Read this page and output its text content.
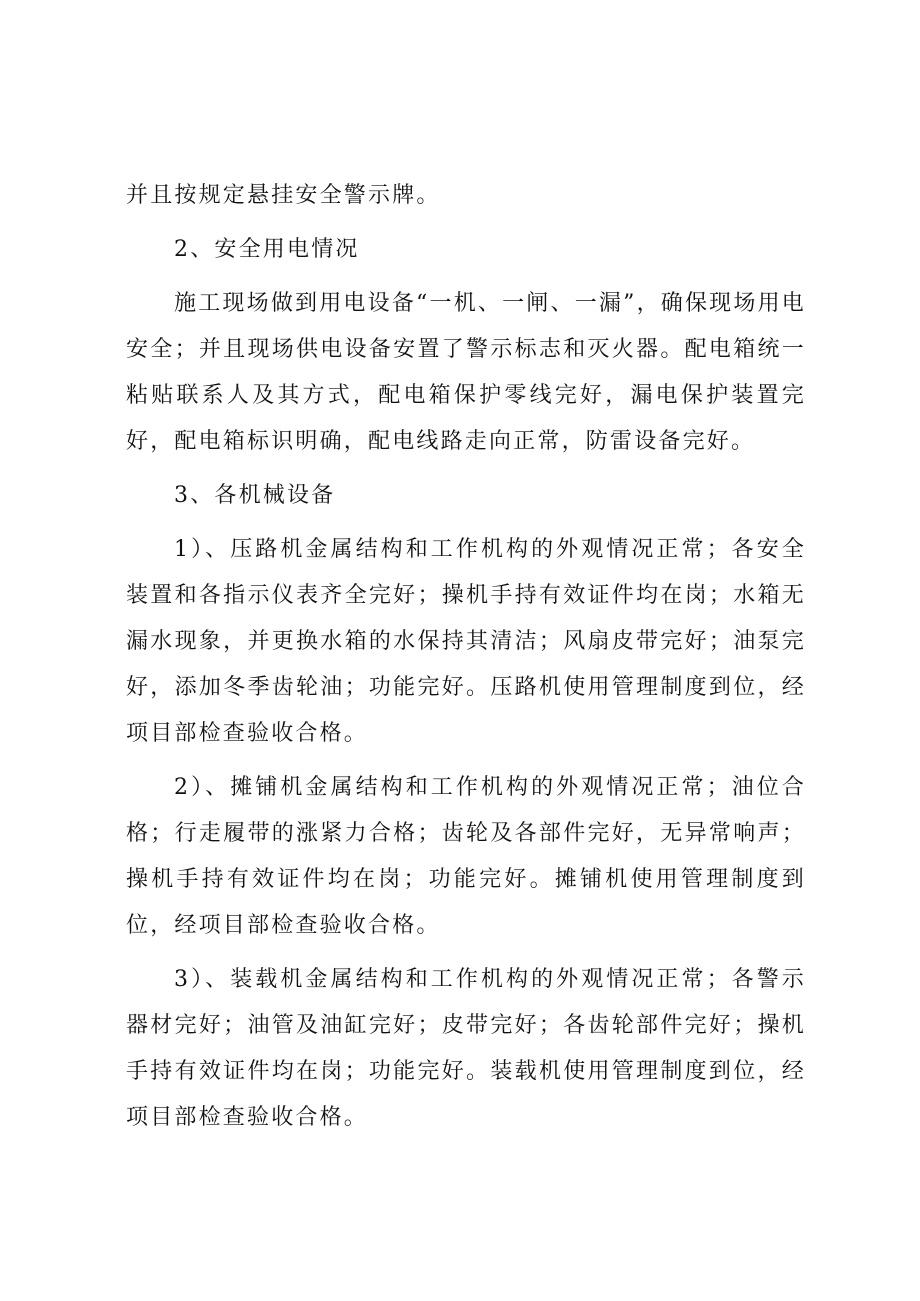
并且按规定悬挂安全警示牌。

2、安全用电情况

施工现场做到用电设备“一机、一闸、一漏”，确保现场用电安全；并且现场供电设备安置了警示标志和灭火器。配电箱统一粘贴联系人及其方式，配电箱保护零线完好，漏电保护装置完好，配电箱标识明确，配电线路走向正常，防雷设备完好。

3、各机械设备

1）、压路机金属结构和工作机构的外观情况正常；各安全装置和各指示仪表齐全完好；操机手持有效证件均在岗；水箱无漏水现象，并更换水箱的水保持其清洁；风扇皮带完好；油泵完好，添加冬季齿轮油；功能完好。压路机使用管理制度到位，经项目部检查验收合格。

2）、摊铺机金属结构和工作机构的外观情况正常；油位合格；行走履带的涨紧力合格；齿轮及各部件完好，无异常响声；操机手持有效证件均在岗；功能完好。摊铺机使用管理制度到位，经项目部检查验收合格。

3）、装载机金属结构和工作机构的外观情况正常；各警示器材完好；油管及油缸完好；皮带完好；各齿轮部件完好；操机手持有效证件均在岗；功能完好。装载机使用管理制度到位，经项目部检查验收合格。
